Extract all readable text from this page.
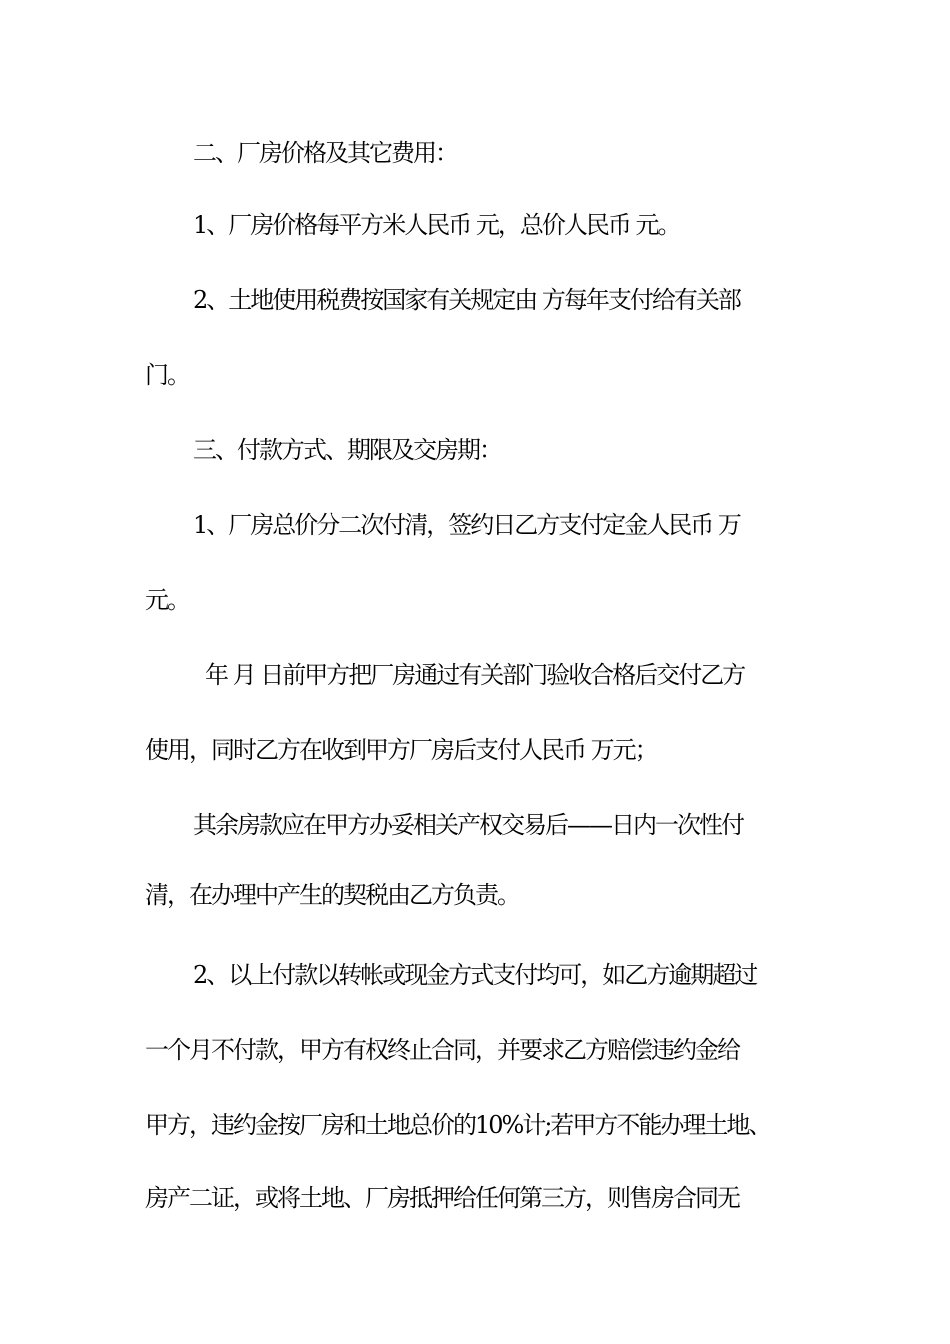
二、厂房价格及其它费用：
1、厂房价格每平方米人民币 元，总价人民币 元。
2、土地使用税费按国家有关规定由 方每年支付给有关部
门。
三、付款方式、期限及交房期：
1、厂房总价分二次付清，签约日乙方支付定金人民币 万
元。
年 月 日前甲方把厂房通过有关部门验收合格后交付乙方
使用，同时乙方在收到甲方厂房后支付人民币 万元；
其余房款应在甲方办妥相关产权交易后——日内一次性付
清，在办理中产生的契税由乙方负责。
2、以上付款以转帐或现金方式支付均可，如乙方逾期超过
一个月不付款，甲方有权终止合同，并要求乙方赔偿违约金给
甲方，违约金按厂房和土地总价的10%计;若甲方不能办理土地、
房产二证，或将土地、厂房抵押给任何第三方，则售房合同无
